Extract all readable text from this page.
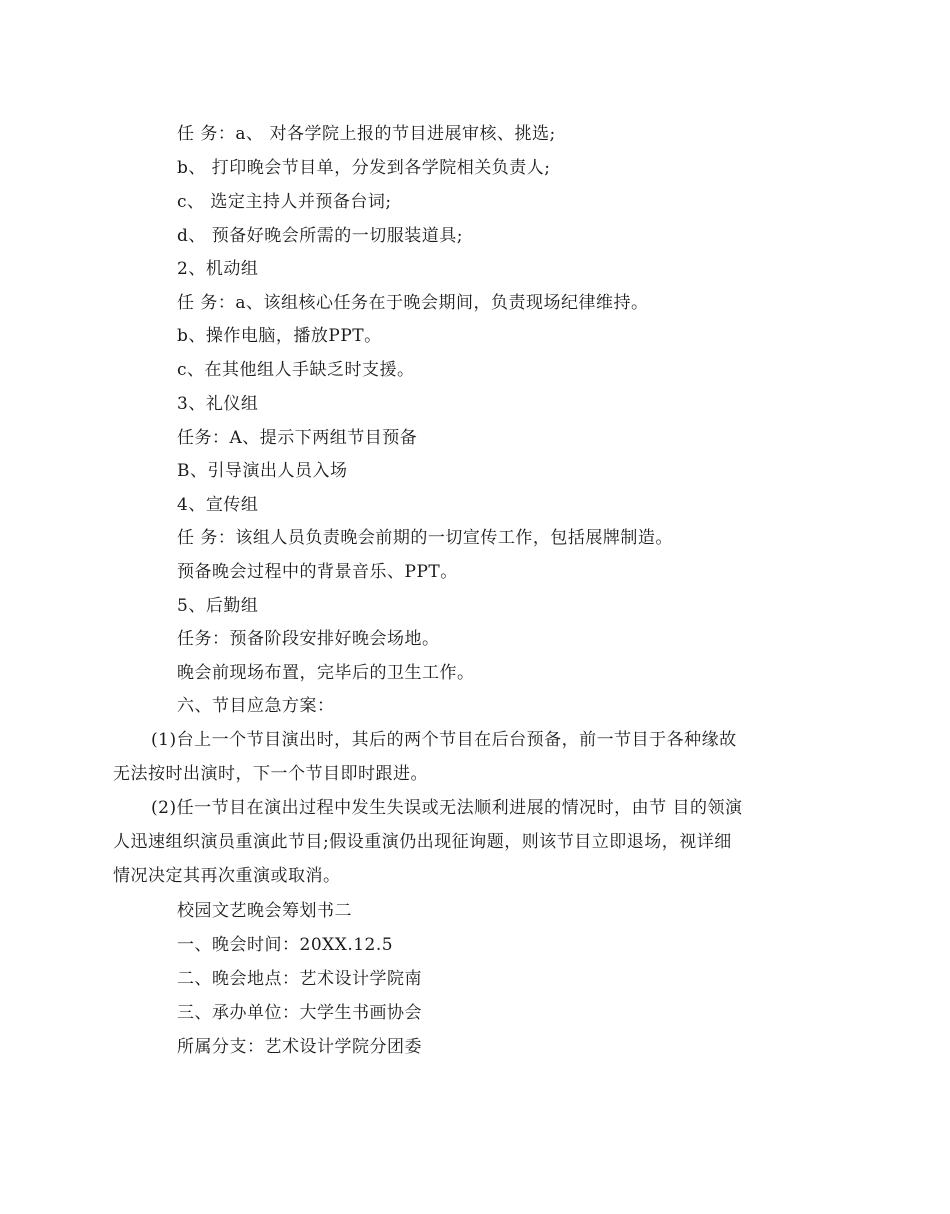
任 务：a、 对各学院上报的节目进展审核、挑选;
b、 打印晚会节目单，分发到各学院相关负责人;
c、 选定主持人并预备台词;
d、 预备好晚会所需的一切服装道具;
2、机动组
任 务：a、该组核心任务在于晚会期间，负责现场纪律维持。
b、操作电脑，播放PPT。
c、在其他组人手缺乏时支援。
3、礼仪组
任务：A、提示下两组节目预备
B、引导演出人员入场
4、宣传组
任 务：该组人员负责晚会前期的一切宣传工作，包括展牌制造。
预备晚会过程中的背景音乐、PPT。
5、后勤组
任务：预备阶段安排好晚会场地。
晚会前现场布置，完毕后的卫生工作。
六、节目应急方案：
(1)台上一个节目演出时，其后的两个节目在后台预备，前一节目于各种缘故
无法按时出演时，下一个节目即时跟进。
(2)任一节目在演出过程中发生失误或无法顺利进展的情况时，由节 目的领演
人迅速组织演员重演此节目;假设重演仍出现征询题，则该节目立即退场，视详细
情况决定其再次重演或取消。
校园文艺晚会筹划书二
一、晚会时间：20XX.12.5
二、晚会地点：艺术设计学院南
三、承办单位：大学生书画协会
所属分支：艺术设计学院分团委
